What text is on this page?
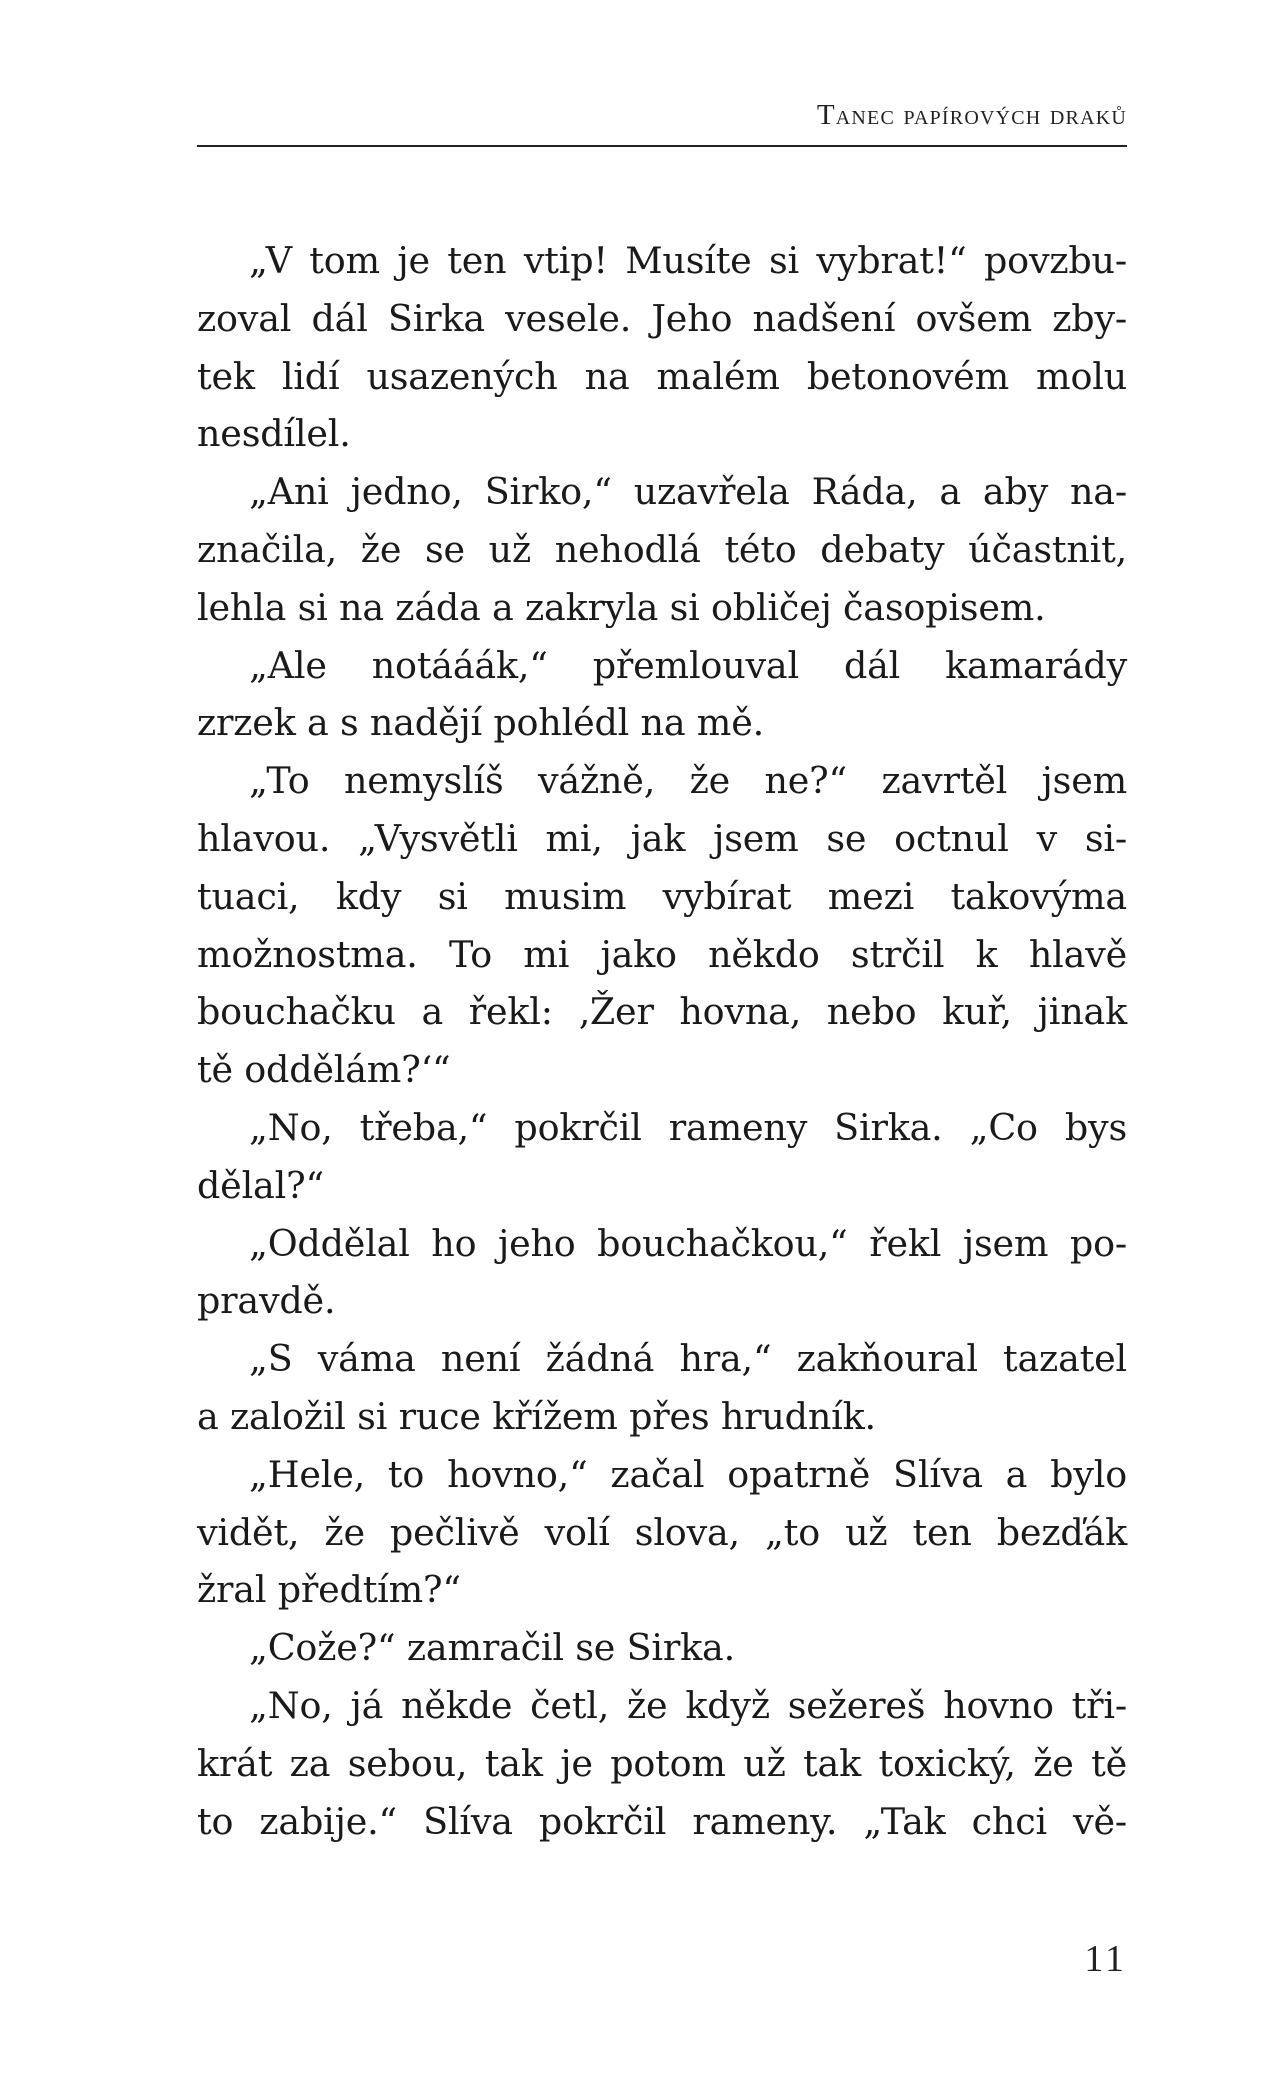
Tanec papírových draků
„V tom je ten vtip! Musíte si vybrat!“ povzbu-
zoval dál Sirka vesele. Jeho nadšení ovšem zby-
tek lidí usazených na malém betonovém molu
nesdílel.
„Ani jedno, Sirko,“ uzavřela Ráda, a aby na-
značila, že se už nehodlá této debaty účastnit,
lehla si na záda a zakryla si obličej časopisem.
„Ale notááák,“ přemlouval dál kamarády
zrzek a s nadějí pohlédl na mě.
„To nemyslíš vážně, že ne?“ zavrtěl jsem
hlavou. „Vysvětli mi, jak jsem se octnul v si-
tuaci, kdy si musim vybírat mezi takovýma
možnostma. To mi jako někdo strčil k hlavě
bouchačku a řekl: ‚Žer hovna, nebo kuř, jinak
tě oddělám?‘“
„No, třeba,“ pokrčil rameny Sirka. „Co bys
dělal?“
„Oddělal ho jeho bouchačkou,“ řekl jsem po-
pravdě.
„S váma není žádná hra,“ zakňoural tazatel
a založil si ruce křížem přes hrudník.
„Hele, to hovno,“ začal opatrně Slíva a bylo
vidět, že pečlivě volí slova, „to už ten bezďák
žral předtím?“
„Cože?“ zamračil se Sirka.
„No, já někde četl, že když sežereš hovno tři-
krát za sebou, tak je potom už tak toxický, že tě
to zabije.“ Slíva pokrčil rameny. „Tak chci vě-
11
